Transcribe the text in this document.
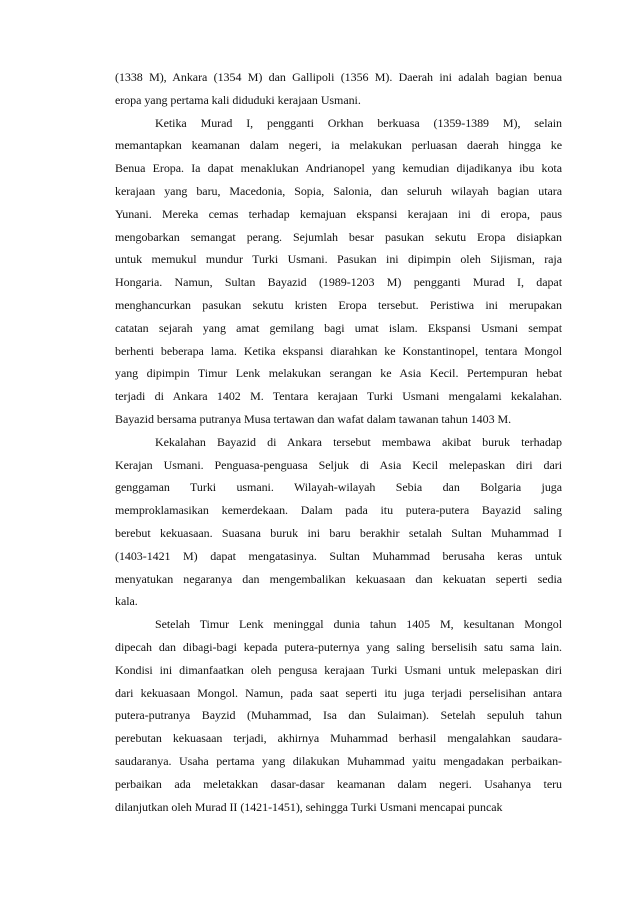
(1338 M), Ankara (1354 M) dan Gallipoli (1356 M). Daerah ini adalah bagian benua
eropa yang pertama kali diduduki kerajaan Usmani.
Ketika Murad I, pengganti Orkhan berkuasa (1359-1389 M), selain
memantapkan keamanan dalam negeri, ia melakukan perluasan daerah hingga ke
Benua Eropa. Ia dapat menaklukan Andrianopel yang kemudian dijadikanya ibu kota
kerajaan yang baru, Macedonia, Sopia, Salonia, dan seluruh wilayah bagian utara
Yunani. Mereka cemas terhadap kemajuan ekspansi kerajaan ini di eropa, paus
mengobarkan semangat perang. Sejumlah besar pasukan sekutu Eropa disiapkan
untuk memukul mundur Turki Usmani. Pasukan ini dipimpin oleh Sijisman, raja
Hongaria. Namun, Sultan Bayazid (1989-1203 M) pengganti Murad I, dapat
menghancurkan pasukan sekutu kristen Eropa tersebut. Peristiwa ini merupakan
catatan sejarah yang amat gemilang bagi umat islam. Ekspansi Usmani sempat
berhenti beberapa lama. Ketika ekspansi diarahkan ke Konstantinopel, tentara Mongol
yang dipimpin Timur Lenk melakukan serangan ke Asia Kecil. Pertempuran hebat
terjadi di Ankara 1402 M. Tentara kerajaan Turki Usmani mengalami kekalahan.
Bayazid bersama putranya Musa tertawan dan wafat dalam tawanan tahun 1403 M.
Kekalahan Bayazid di Ankara tersebut membawa akibat buruk terhadap
Kerajan Usmani. Penguasa-penguasa Seljuk di Asia Kecil melepaskan diri dari
genggaman Turki usmani. Wilayah-wilayah Sebia dan Bolgaria juga
memproklamasikan kemerdekaan. Dalam pada itu putera-putera Bayazid saling
berebut kekuasaan. Suasana buruk ini baru berakhir setalah Sultan Muhammad I
(1403-1421 M) dapat mengatasinya. Sultan Muhammad berusaha keras untuk
menyatukan negaranya dan mengembalikan kekuasaan dan kekuatan seperti sedia
kala.
Setelah Timur Lenk meninggal dunia tahun 1405 M, kesultanan Mongol
dipecah dan dibagi-bagi kepada putera-puternya yang saling berselisih satu sama lain.
Kondisi ini dimanfaatkan oleh pengusa kerajaan Turki Usmani untuk melepaskan diri
dari kekuasaan Mongol. Namun, pada saat seperti itu juga terjadi perselisihan antara
putera-putranya Bayzid (Muhammad, Isa dan Sulaiman). Setelah sepuluh tahun
perebutan kekuasaan terjadi, akhirnya Muhammad berhasil mengalahkan saudara-
saudaranya. Usaha pertama yang dilakukan Muhammad yaitu mengadakan perbaikan-
perbaikan ada meletakkan dasar-dasar keamanan dalam negeri. Usahanya teru
dilanjutkan oleh Murad II (1421-1451), sehingga Turki Usmani mencapai puncak
